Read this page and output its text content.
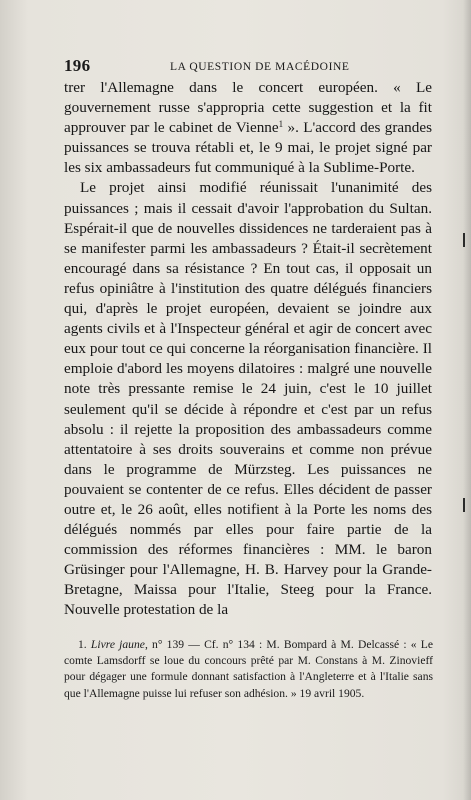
196	LA QUESTION DE MACÉDOINE

trer l'Allemagne dans le concert européen. « Le gouvernement russe s'appropria cette suggestion et la fit approuver par le cabinet de Vienne$^1$ ». L'accord des grandes puissances se trouva rétabli et, le 9 mai, le projet signé par les six ambassadeurs fut communiqué à la Sublime-Porte.

Le projet ainsi modifié réunissait l'unanimité des puissances ; mais il cessait d'avoir l'approbation du Sultan. Espérait-il que de nouvelles dissidences ne tarderaient pas à se manifester parmi les ambassadeurs ? Était-il secrètement encouragé dans sa résistance ? En tout cas, il opposait un refus opiniâtre à l'institution des quatre délégués financiers qui, d'après le projet européen, devaient se joindre aux agents civils et à l'Inspecteur général et agir de concert avec eux pour tout ce qui concerne la réorganisation financière. Il emploie d'abord les moyens dilatoires : malgré une nouvelle note très pressante remise le 24 juin, c'est le 10 juillet seulement qu'il se décide à répondre et c'est par un refus absolu : il rejette la proposition des ambassadeurs comme attentatoire à ses droits souverains et comme non prévue dans le programme de Mürzsteg. Les puissances ne pouvaient se contenter de ce refus. Elles décident de passer outre et, le 26 août, elles notifient à la Porte les noms des délégués nommés par elles pour faire partie de la commission des réformes financières : MM. le baron Grüsinger pour l'Allemagne, H. B. Harvey pour la Grande-Bretagne, Maissa pour l'Italie, Steeg pour la France. Nouvelle protestation de la

1. Livre jaune, n° 139 — Cf. n° 134 : M. Bompard à M. Delcassé : « Le comte Lamsdorff se loue du concours prêté par M. Constans à M. Zinovieff pour dégager une formule donnant satisfaction à l'Angleterre et à l'Italie sans que l'Allemagne puisse lui refuser son adhésion. » 19 avril 1905.
